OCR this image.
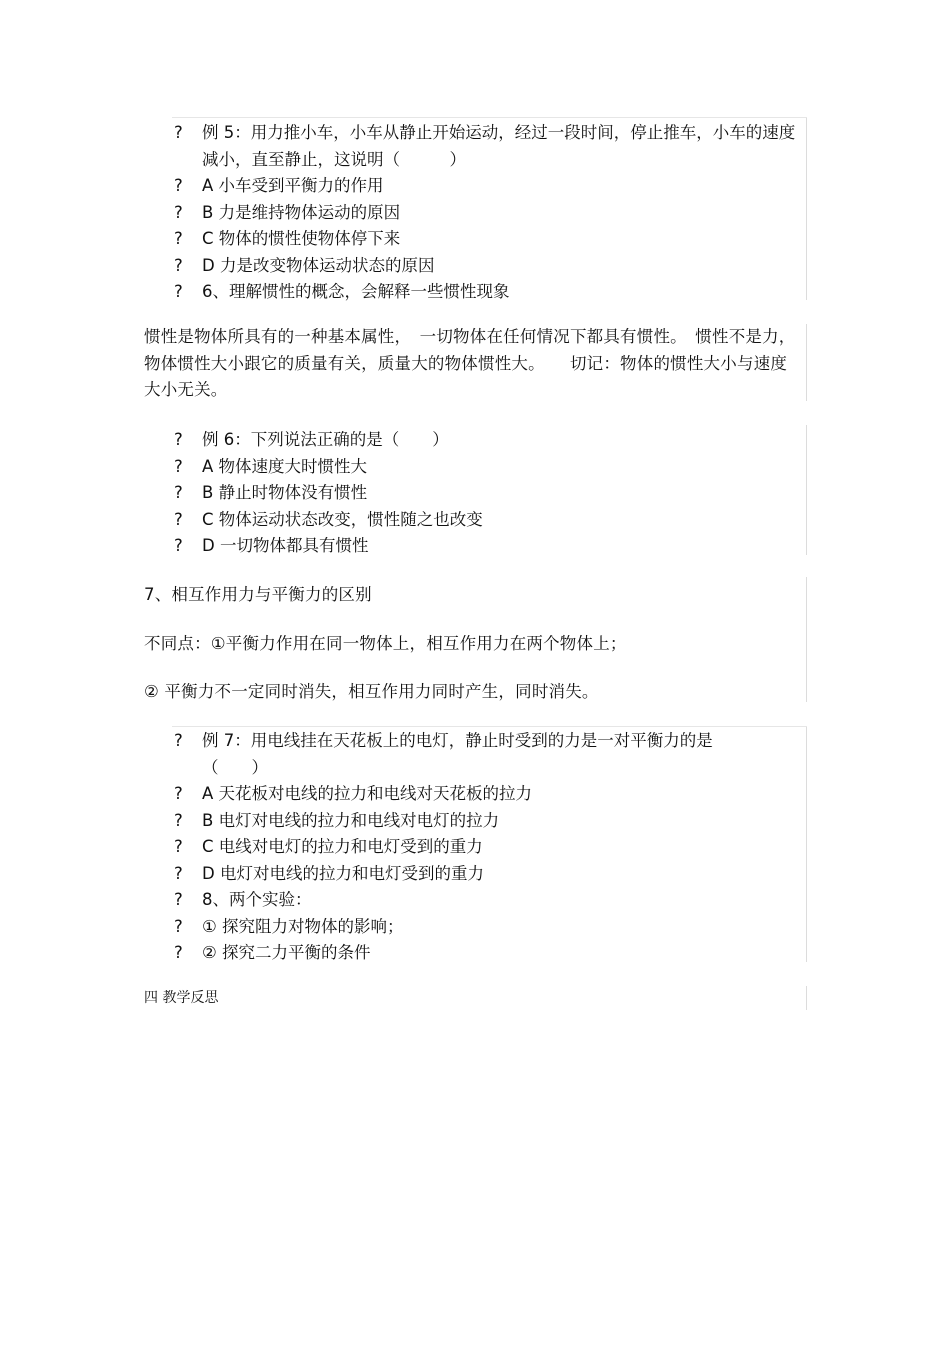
? 例 5：用力推小车，小车从静止开始运动，经过一段时间，停止推车，小车的速度减小，直至静止，这说明（　　　）
? A 小车受到平衡力的作用
? B 力是维持物体运动的原因
? C 物体的惯性使物体停下来
? D 力是改变物体运动状态的原因
? 6、理解惯性的概念，会解释一些惯性现象
惯性是物体所具有的一种基本属性，　一切物体在任何情况下都具有惯性。　惯性不是力，物体惯性大小跟它的质量有关，质量大的物体惯性大。　　切记：物体的惯性大小与速度大小无关。
? 例 6：下列说法正确的是（　　）
? A 物体速度大时惯性大
? B 静止时物体没有惯性
? C 物体运动状态改变，惯性随之也改变
? D 一切物体都具有惯性
7、相互作用力与平衡力的区别
不同点：①平衡力作用在同一物体上，相互作用力在两个物体上；
② 平衡力不一定同时消失，相互作用力同时产生，同时消失。
? 例 7：用电线挂在天花板上的电灯，静止时受到的力是一对平衡力的是 （　　）
? A 天花板对电线的拉力和电线对天花板的拉力
? B 电灯对电线的拉力和电线对电灯的拉力
? C 电线对电灯的拉力和电灯受到的重力
? D 电灯对电线的拉力和电灯受到的重力
? 8、两个实验：
? ① 探究阻力对物体的影响；
? ② 探究二力平衡的条件
四 教学反思
